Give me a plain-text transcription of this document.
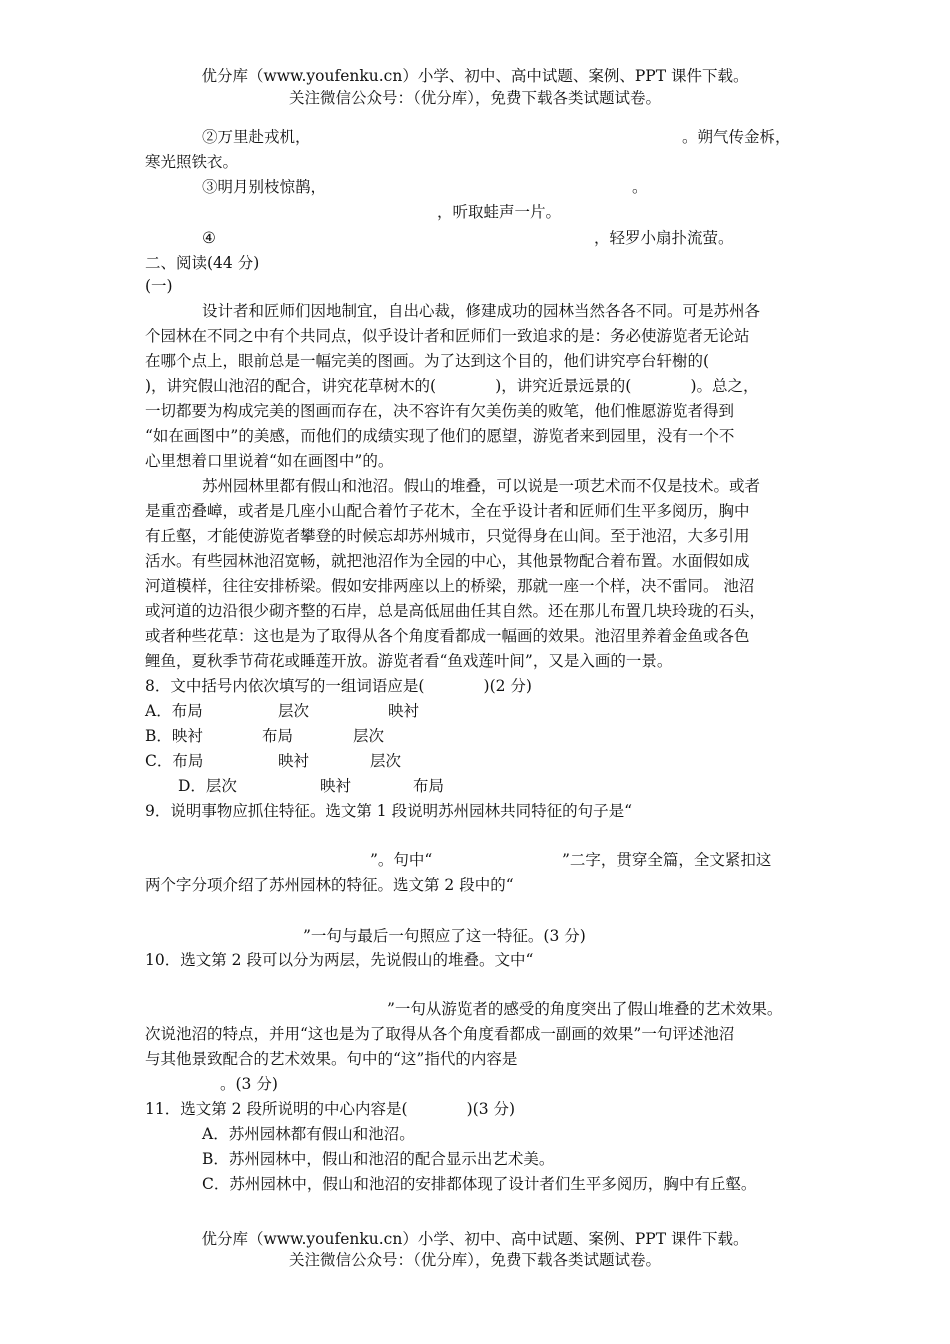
优分库（www.youfenku.cn）小学、初中、高中试题、案例、PPT 课件下载。
关注微信公众号：（优分库），免费下载各类试题试卷。
②万里赴戎机，	。朔气传金柝，
寒光照铁衣。
③明月别枝惊鹊，	。
，听取蛙声一片。
④	，轻罗小扇扑流萤。
二、阅读(44 分)
(一)
设计者和匠师们因地制宜，自出心裁，修建成功的园林当然各各不同。可是苏州各
个园林在不同之中有个共同点，似乎设计者和匠师们一致追求的是：务必使游览者无论站
在哪个点上，眼前总是一幅完美的图画。为了达到这个目的，他们讲究亭台轩榭的(
)，讲究假山池沼的配合，讲究花草树木的(            )，讲究近景远景的(            )。总之，
一切都要为构成完美的图画而存在，决不容许有欠美伤美的败笔，他们惟愿游览者得到
“如在画图中”的美感，而他们的成绩实现了他们的愿望，游览者来到园里，没有一个不
心里想着口里说着“如在画图中”的。
苏州园林里都有假山和池沼。假山的堆叠，可以说是一项艺术而不仅是技术。或者
是重峦叠嶂，或者是几座小山配合着竹子花木，全在乎设计者和匠师们生平多阅历，胸中
有丘壑，才能使游览者攀登的时候忘却苏州城市，只觉得身在山间。至于池沼，大多引用
活水。有些园林池沼宽畅，就把池沼作为全园的中心，其他景物配合着布置。水面假如成
河道模样，往往安排桥梁。假如安排两座以上的桥梁，那就一座一个样，决不雷同。 池沼
或河道的边沿很少砌齐整的石岸，总是高低屈曲任其自然。还在那儿布置几块玲珑的石头，
或者种些花草：这也是为了取得从各个角度看都成一幅画的效果。池沼里养着金鱼或各色
鲤鱼，夏秋季节荷花或睡莲开放。游览者看“鱼戏莲叶间”，又是入画的一景。
8．文中括号内依次填写的一组词语应是(            )(2 分)
A．布局	层次	映衬
B．映衬	布局	层次
C．布局	映衬	层次
D．层次	映衬	布局
9．说明事物应抓住特征。选文第 1 段说明苏州园林共同特征的句子是“
”。句中“	”二字，贯穿全篇，全文紧扣这
两个字分项介绍了苏州园林的特征。选文第 2 段中的“
”一句与最后一句照应了这一特征。(3 分)
10．选文第 2 段可以分为两层，先说假山的堆叠。文中“
”一句从游览者的感受的角度突出了假山堆叠的艺术效果。
次说池沼的特点，并用“这也是为了取得从各个角度看都成一副画的效果”一句评述池沼
与其他景致配合的艺术效果。句中的“这”指代的内容是
。(3 分)
11．选文第 2 段所说明的中心内容是(            )(3 分)
A．苏州园林都有假山和池沼。
B．苏州园林中，假山和池沼的配合显示出艺术美。
C．苏州园林中，假山和池沼的安排都体现了设计者们生平多阅历，胸中有丘壑。
优分库（www.youfenku.cn）小学、初中、高中试题、案例、PPT 课件下载。
关注微信公众号：（优分库），免费下载各类试题试卷。
